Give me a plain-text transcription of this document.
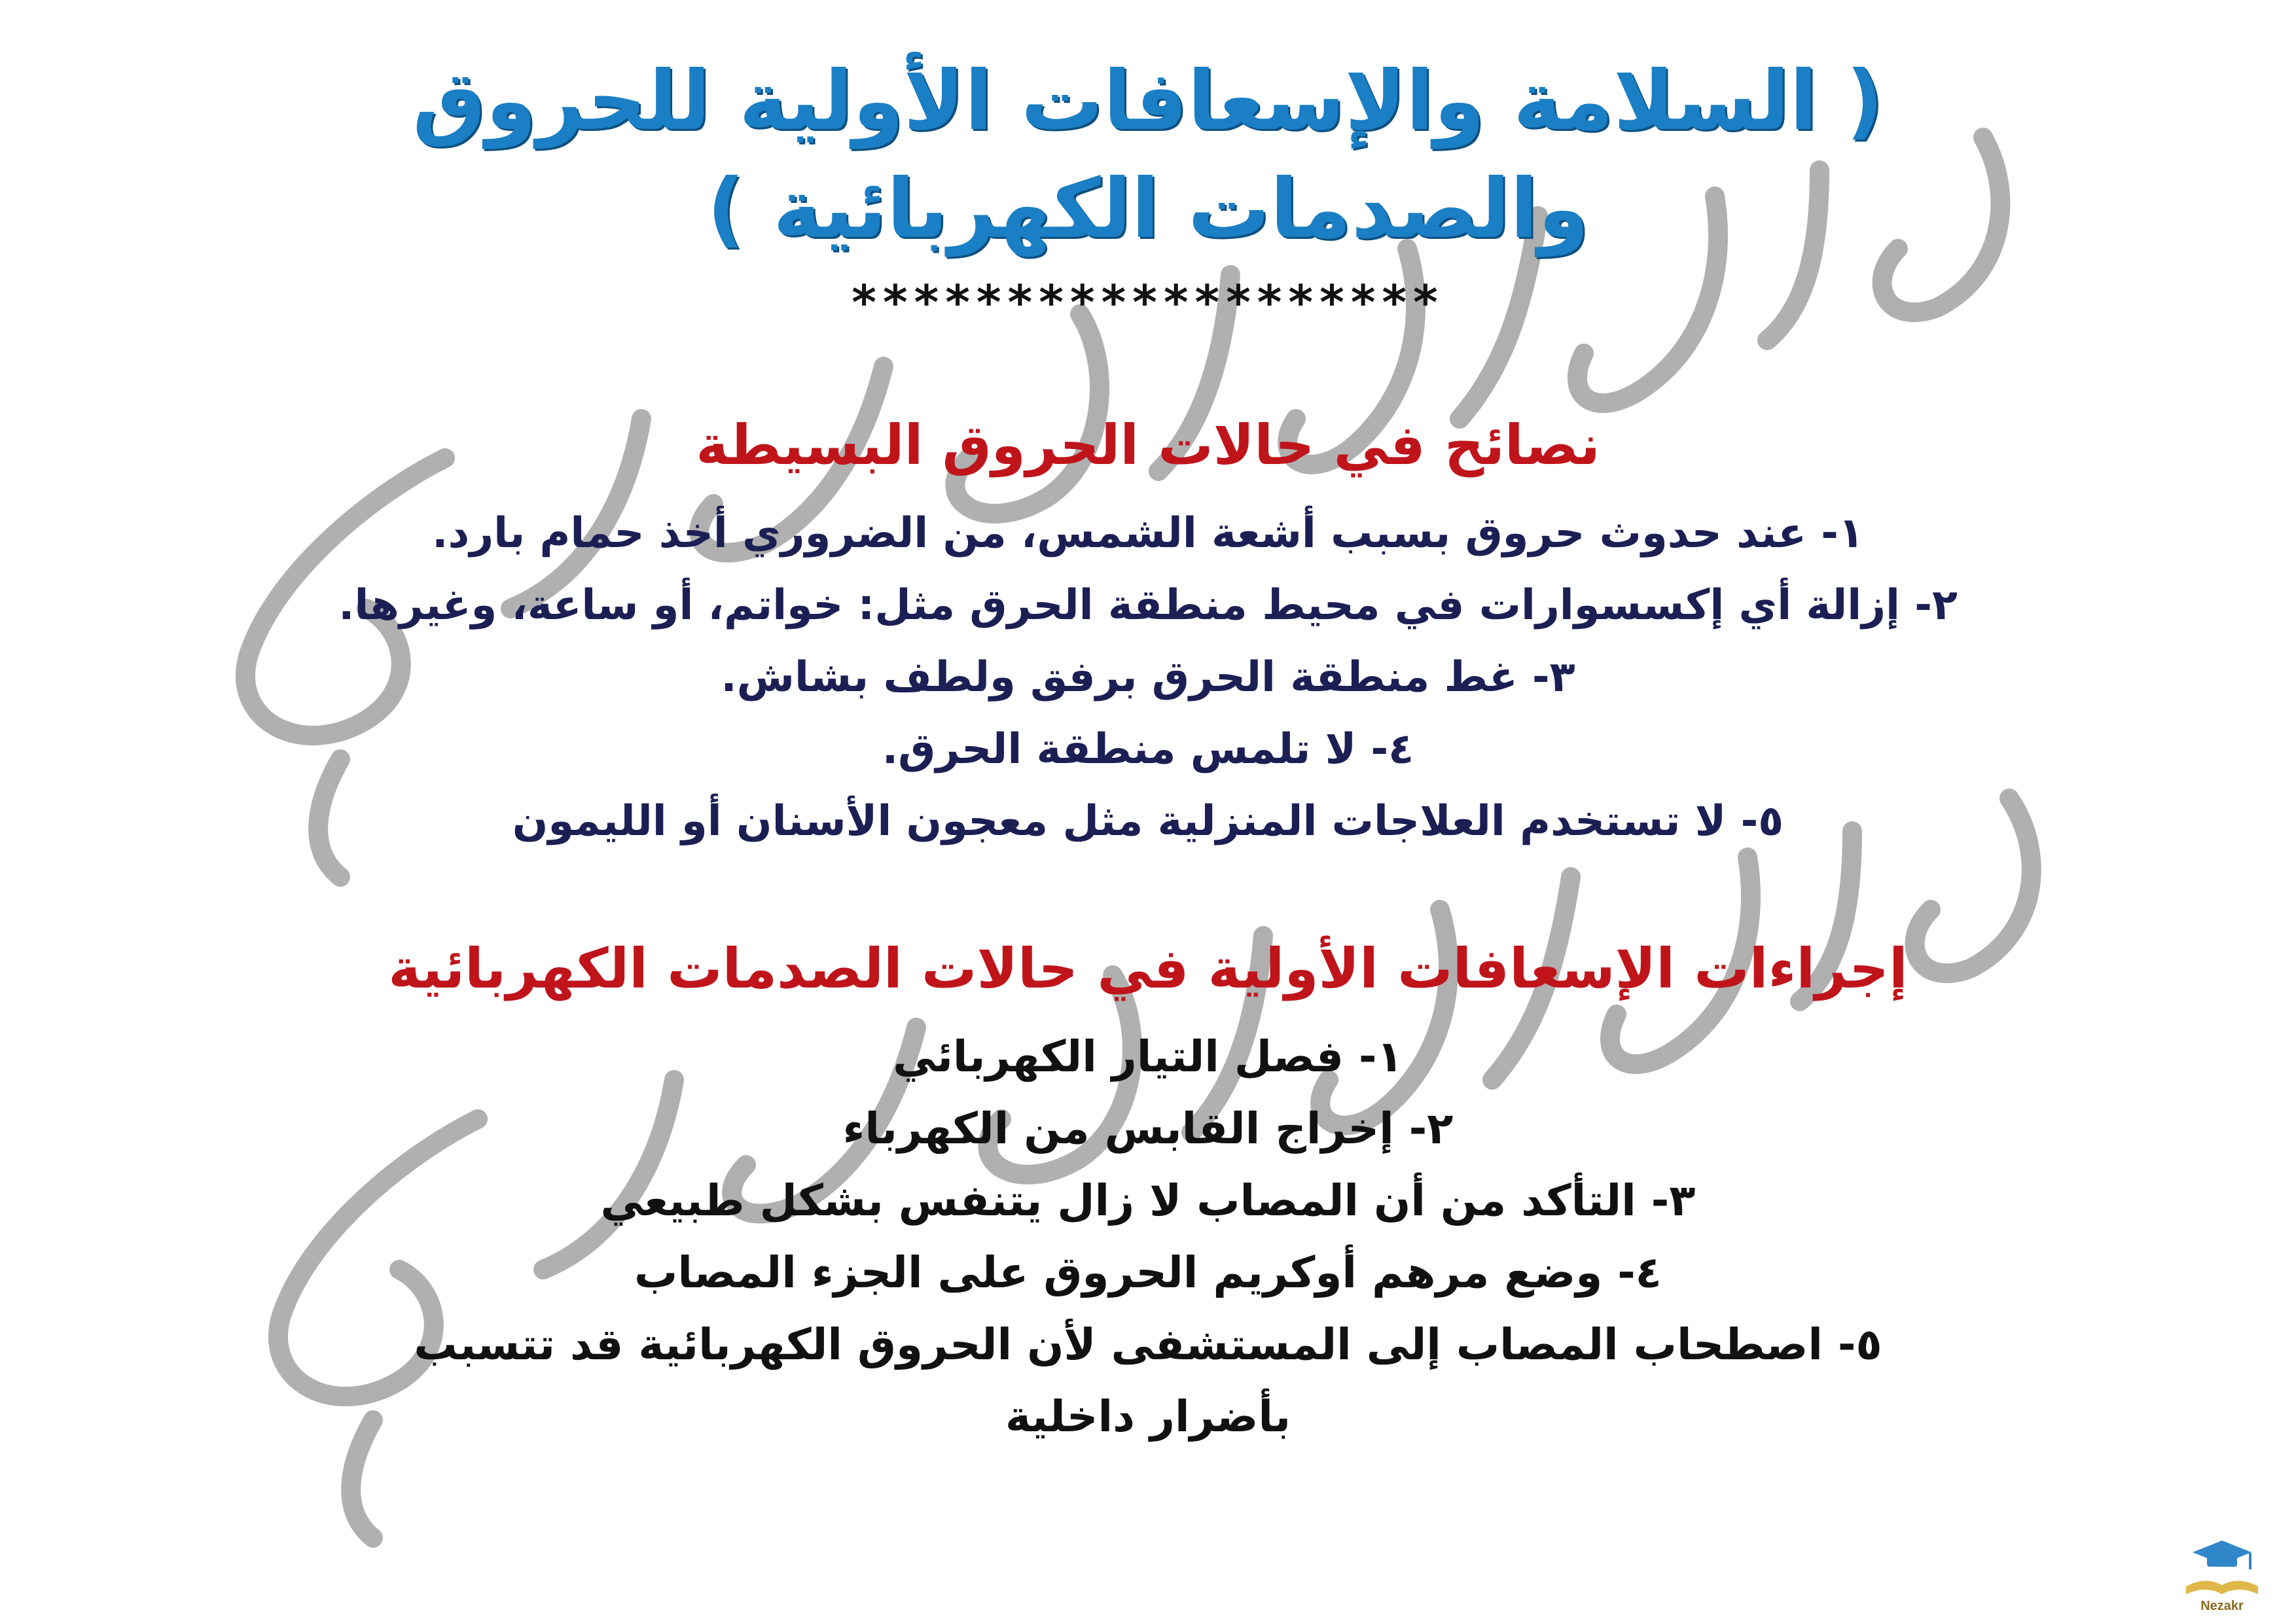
( السلامة والإسعافات الأولية للحروق
والصدمات الكهربائية )
*******************
نصائح في حالات الحروق البسيطة
١- عند حدوث حروق بسبب أشعة الشمس، من الضروري أخذ حمام بارد.
٢- إزالة أي إكسسوارات في محيط منطقة الحرق مثل: خواتم، أو ساعة، وغيرها.
٣- غط منطقة الحرق برفق ولطف بشاش.
٤- لا تلمس منطقة الحرق.
٥- لا تستخدم العلاجات المنزلية مثل معجون الأسنان أو الليمون
إجراءات الإسعافات الأولية في حالات الصدمات الكهربائية
١- فصل التيار الكهربائي
٢- إخراج القابس من الكهرباء
٣- التأكد من أن المصاب لا زال يتنفس بشكل طبيعي
٤- وضع مرهم أوكريم الحروق على الجزء المصاب
٥- اصطحاب المصاب إلى المستشفى لأن الحروق الكهربائية قد تتسبب
بأضرار داخلية
Nezakr
